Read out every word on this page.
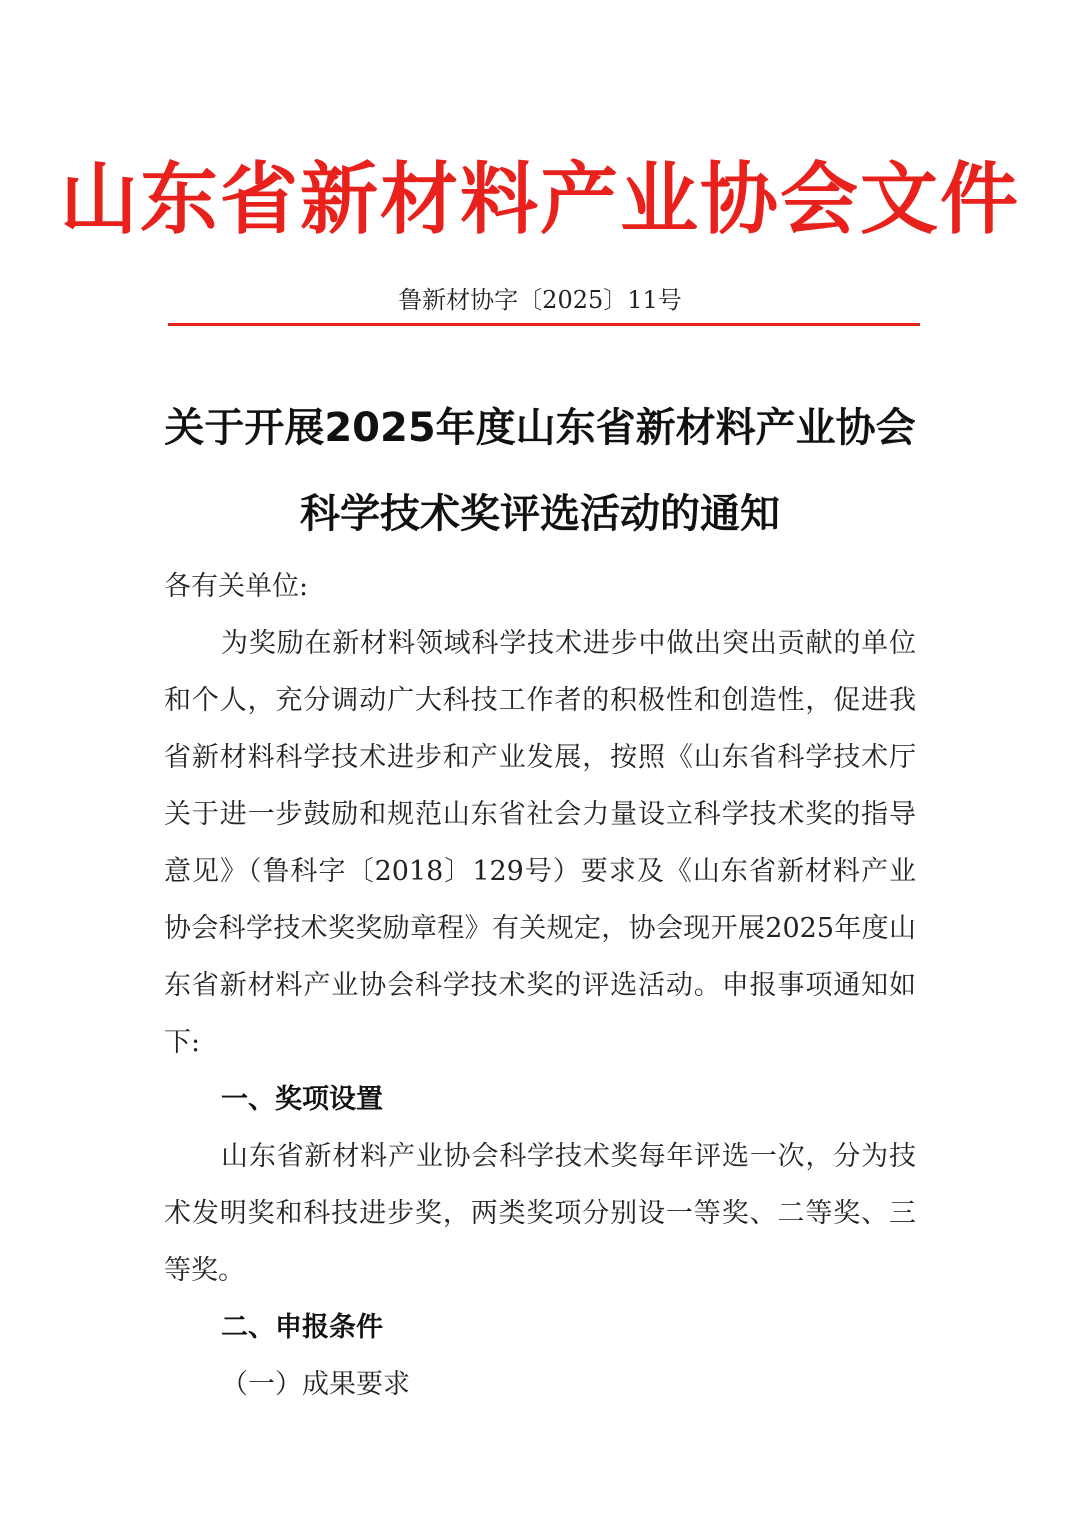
山东省新材料产业协会文件
鲁新材协字〔2025〕11号
关于开展2025年度山东省新材料产业协会
科学技术奖评选活动的通知

各有关单位:

为奖励在新材料领域科学技术进步中做出突出贡献的单位和个人，充分调动广大科技工作者的积极性和创造性，促进我省新材料科学技术进步和产业发展，按照《山东省科学技术厅关于进一步鼓励和规范山东省社会力量设立科学技术奖的指导意见》（鲁科字〔2018〕129号）要求及《山东省新材料产业协会科学技术奖奖励章程》有关规定，协会现开展2025年度山东省新材料产业协会科学技术奖的评选活动。申报事项通知如下:

一、奖项设置

山东省新材料产业协会科学技术奖每年评选一次，分为技术发明奖和科技进步奖，两类奖项分别设一等奖、二等奖、三等奖。

二、申报条件

（一）成果要求
